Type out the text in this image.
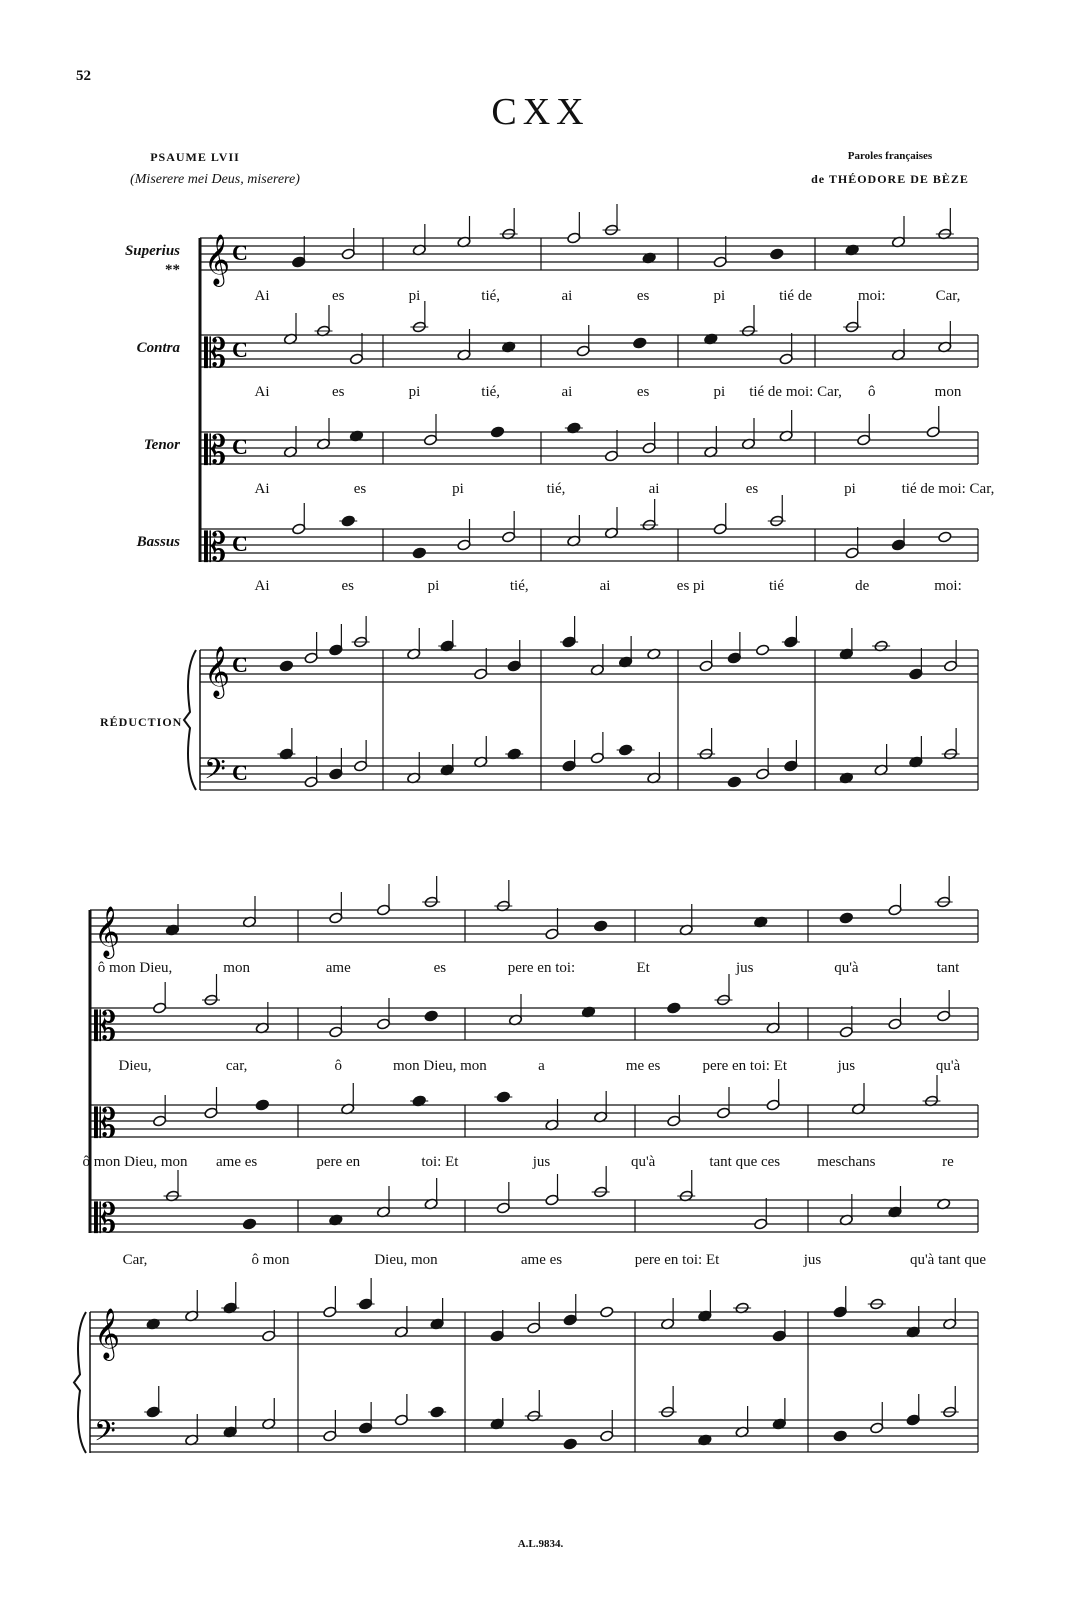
52
CXX
PSAUME LVII
(Miserere mei Deus, miserere)
Paroles françaises
de THÉODORE DE BÈZE
Superius
**
Contra
Tenor
Bassus
RÉDUCTION
𝄞 C
𝄡 C
𝄡 C
𝄡 C
𝄞 C
𝄢 C
𝄞
𝄡
𝄡
𝄡
𝄞
𝄢
Ai	es	pi	tié,	ai	es	pi	tié de	moi:	Car,
Ai	es	pi	tié,	ai	es	pi tié de moi: Car, ô	mon
Ai	es	pi	tié,	ai	es	pi	tié de moi: Car,
Ai	es	pi	tié,	ai	es pi	tié	de	moi:
ô mon Dieu,	mon	ame	es	pere en toi:	Et	jus	qu'à	tant
Dieu,	car,	ô	mon Dieu, mon	a	me es	pere en toi: Et	jus	qu'à
ô mon Dieu, mon ame es	pere en	toi: Et	jus	qu'à	tant que ces meschans	re
Car,	ô mon	Dieu, mon	ame es	pere en toi: Et	jus	qu'à tant que
A.L.9834.
